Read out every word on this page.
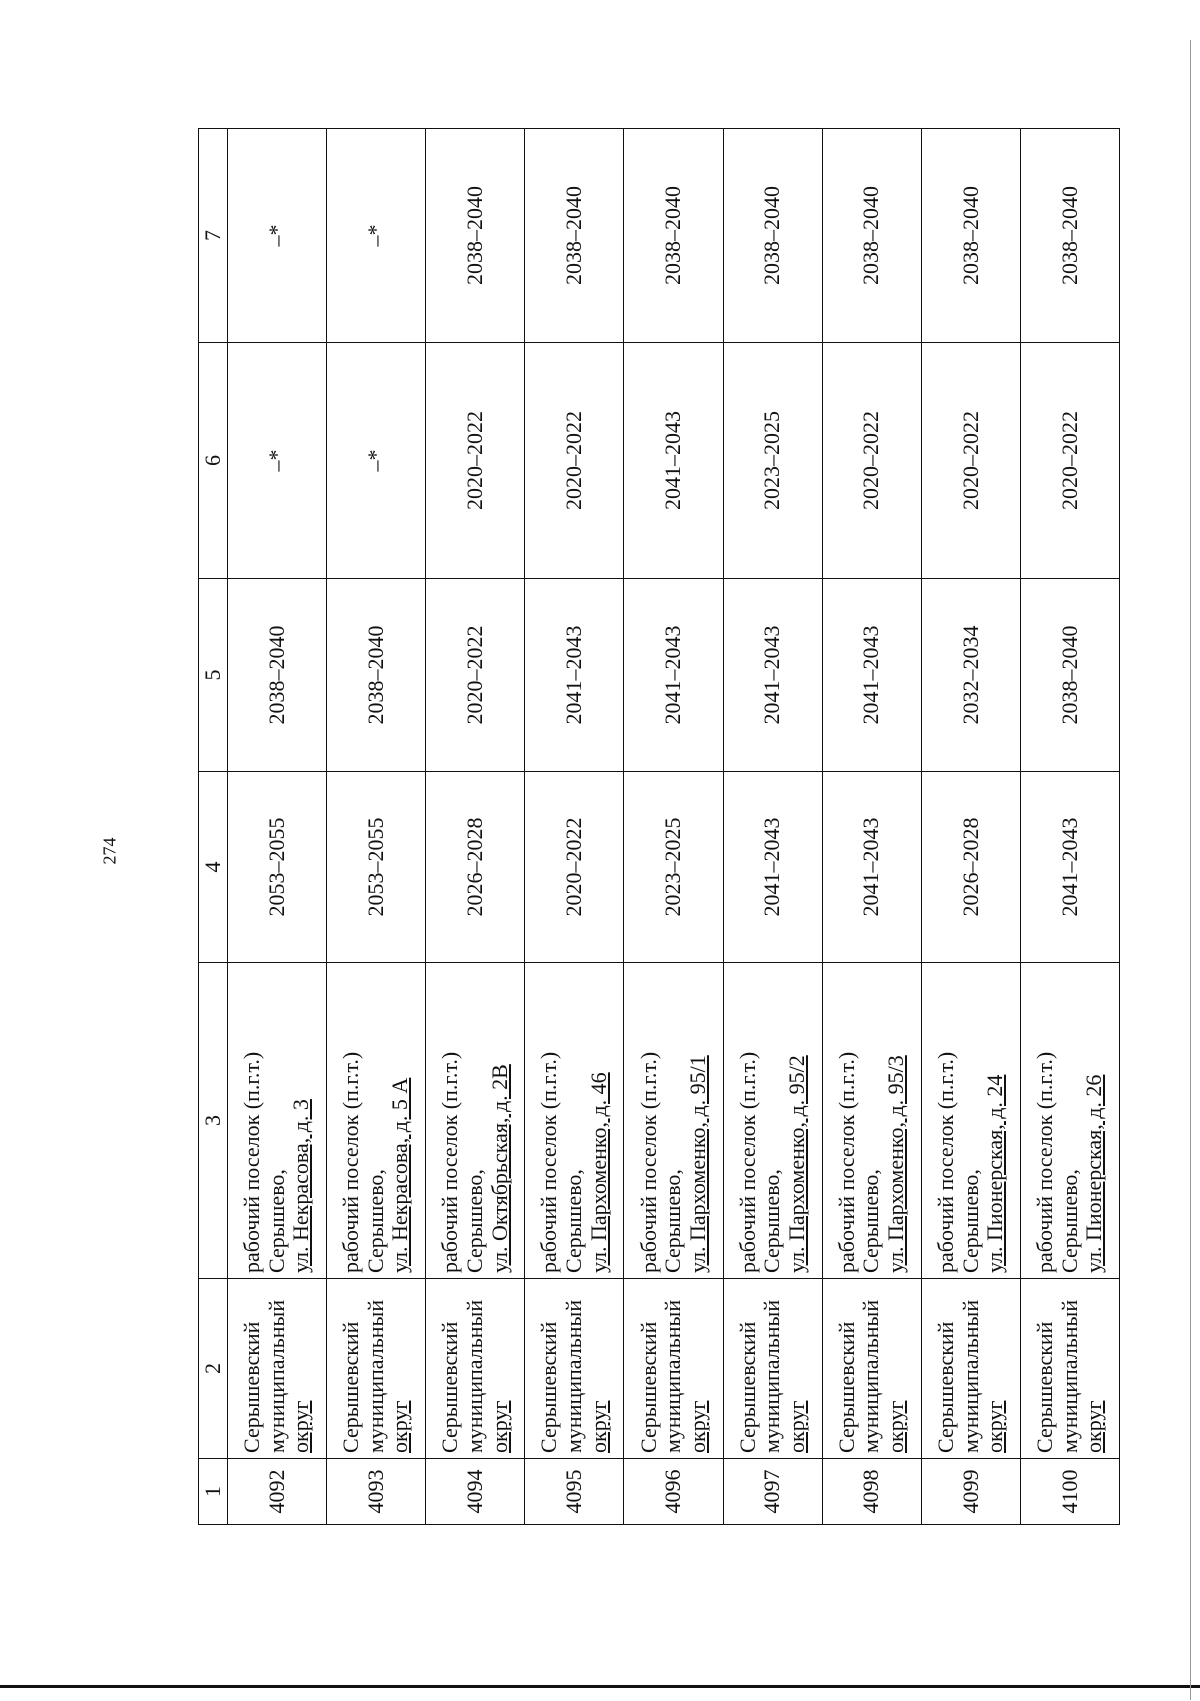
274
1	2	3	4	5	6	7

4092	Серышевский муниципальный округ	рабочий поселок (п.г.т.) Серышево, ул. Некрасова, д. 3	2053–2055	2038–2040	–*	–*

4093	Серышевский муниципальный округ	рабочий поселок (п.г.т.) Серышево, ул. Некрасова, д. 5 А	2053–2055	2038–2040	–*	–*

4094	Серышевский муниципальный округ	рабочий поселок (п.г.т.) Серышево, ул. Октябрьская, д. 2В	2026–2028	2020–2022	2020–2022	2038–2040

4095	Серышевский муниципальный округ	рабочий поселок (п.г.т.) Серышево, ул. Пархоменко, д. 46	2020–2022	2041–2043	2020–2022	2038–2040

4096	Серышевский муниципальный округ	рабочий поселок (п.г.т.) Серышево, ул. Пархоменко, д. 95/1	2023–2025	2041–2043	2041–2043	2038–2040

4097	Серышевский муниципальный округ	рабочий поселок (п.г.т.) Серышево, ул. Пархоменко, д. 95/2	2041–2043	2041–2043	2023–2025	2038–2040

4098	Серышевский муниципальный округ	рабочий поселок (п.г.т.) Серышево, ул. Пархоменко, д. 95/3	2041–2043	2041–2043	2020–2022	2038–2040

4099	Серышевский муниципальный округ	рабочий поселок (п.г.т.) Серышево, ул. Пионерская, д. 24	2026–2028	2032–2034	2020–2022	2038–2040

4100	Серышевский муниципальный округ	рабочий поселок (п.г.т.) Серышево, ул. Пионерская, д. 26	2041–2043	2038–2040	2020–2022	2038–2040
